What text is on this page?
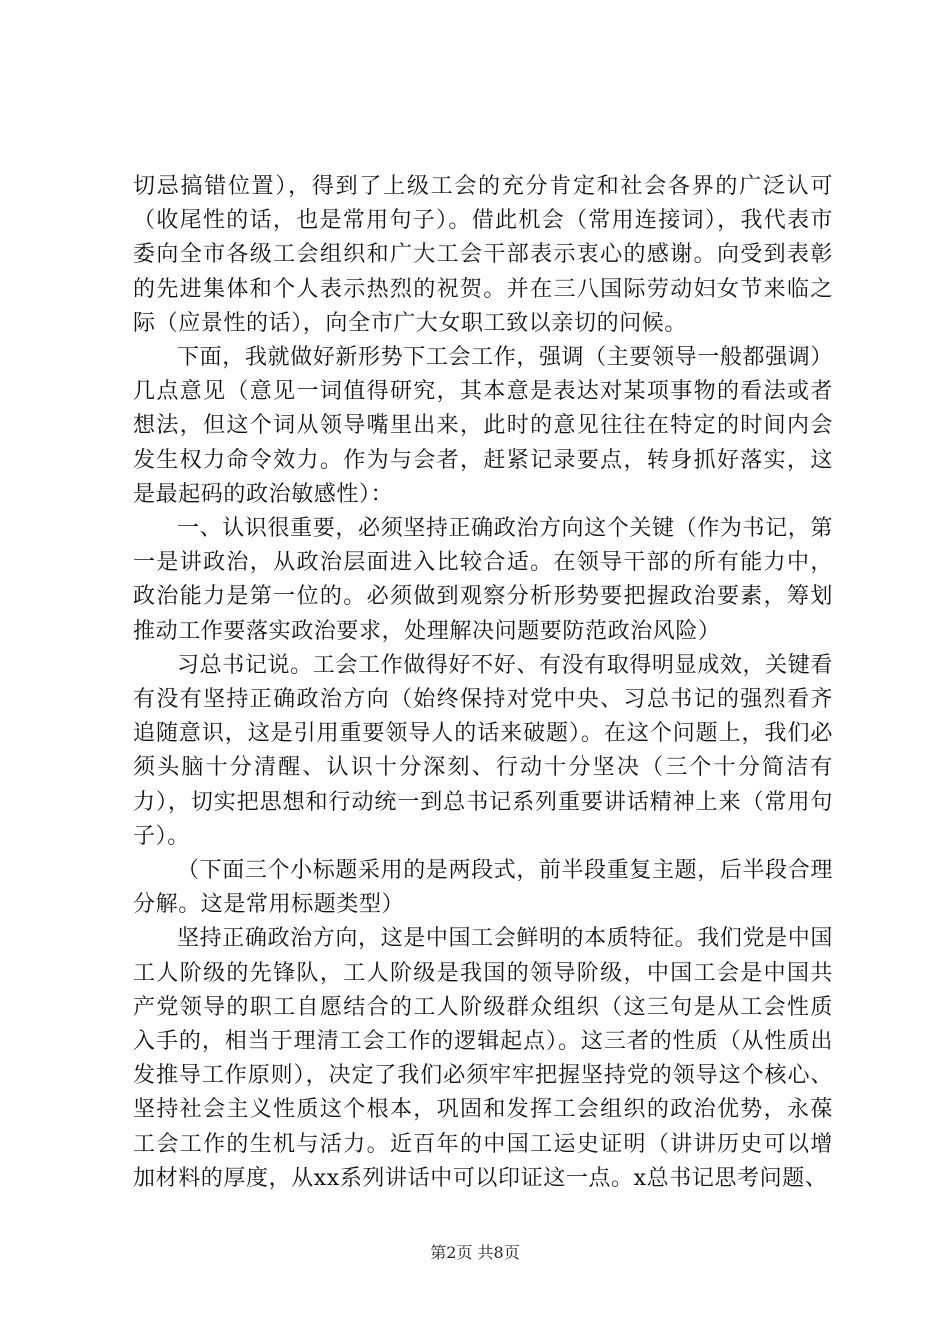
切忌搞错位置），得到了上级工会的充分肯定和社会各界的广泛认可（收尾性的话，也是常用句子）。借此机会（常用连接词），我代表市委向全市各级工会组织和广大工会干部表示衷心的感谢。向受到表彰的先进集体和个人表示热烈的祝贺。并在三八国际劳动妇女节来临之际（应景性的话），向全市广大女职工致以亲切的问候。

下面，我就做好新形势下工会工作，强调（主要领导一般都强调）几点意见（意见一词值得研究，其本意是表达对某项事物的看法或者想法，但这个词从领导嘴里出来，此时的意见往往在特定的时间内会发生权力命令效力。作为与会者，赶紧记录要点，转身抓好落实，这是最起码的政治敏感性）：

一、认识很重要，必须坚持正确政治方向这个关键（作为书记，第一是讲政治，从政治层面进入比较合适。在领导干部的所有能力中，政治能力是第一位的。必须做到观察分析形势要把握政治要素，筹划推动工作要落实政治要求，处理解决问题要防范政治风险）

习总书记说。工会工作做得好不好、有没有取得明显成效，关键看有没有坚持正确政治方向（始终保持对党中央、习总书记的强烈看齐追随意识，这是引用重要领导人的话来破题）。在这个问题上，我们必须头脑十分清醒、认识十分深刻、行动十分坚决（三个十分简洁有力），切实把思想和行动统一到总书记系列重要讲话精神上来（常用句子）。

（下面三个小标题采用的是两段式，前半段重复主题，后半段合理分解。这是常用标题类型）

坚持正确政治方向，这是中国工会鲜明的本质特征。我们党是中国工人阶级的先锋队，工人阶级是我国的领导阶级，中国工会是中国共产党领导的职工自愿结合的工人阶级群众组织（这三句是从工会性质入手的，相当于理清工会工作的逻辑起点）。这三者的性质（从性质出发推导工作原则），决定了我们必须牢牢把握坚持党的领导这个核心、坚持社会主义性质这个根本，巩固和发挥工会组织的政治优势，永葆工会工作的生机与活力。近百年的中国工运史证明（讲讲历史可以增加材料的厚度，从xx系列讲话中可以印证这一点。x总书记思考问题、

第2页 共8页
